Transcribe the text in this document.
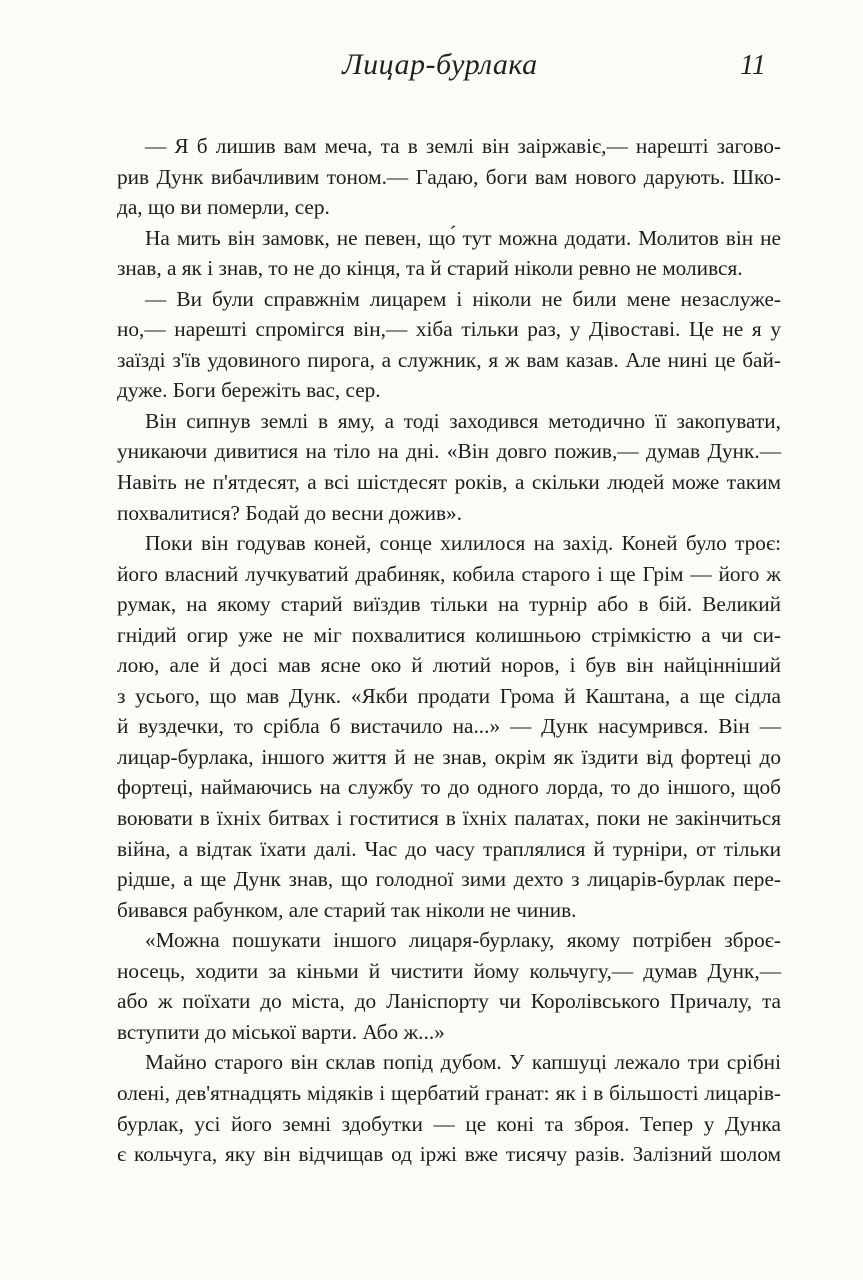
Лицар-бурлака	11
— Я б лишив вам меча, та в землі він заіржавіє,— нарешті загово-
рив Дунк вибачливим тоном.— Гадаю, боги вам нового дарують. Шко-
да, що ви померли, сер.
На мить він замовк, не певен, що́ тут можна додати. Молитов він не
знав, а як і знав, то не до кінця, та й старий ніколи ревно не молився.
— Ви були справжнім лицарем і ніколи не били мене незаслуже-
но,— нарешті спромігся він,— хіба тільки раз, у Дівоставі. Це не я у
заїзді з'їв удовиного пирога, а служник, я ж вам казав. Але нині це бай-
дуже. Боги бережіть вас, сер.
Він сипнув землі в яму, а тоді заходився методично її закопувати,
уникаючи дивитися на тіло на дні. «Він довго пожив,— думав Дунк.—
Навіть не п'ятдесят, а всі шістдесят років, а скільки людей може таким
похвалитися? Бодай до весни дожив».
Поки він годував коней, сонце хилилося на захід. Коней було троє:
його власний лучкуватий драбиняк, кобила старого і ще Грім — його ж
румак, на якому старий виїздив тільки на турнір або в бій. Великий
гнідий огир уже не міг похвалитися колишньою стрімкістю а чи си-
лою, але й досі мав ясне око й лютий норов, і був він найцінніший
з усього, що мав Дунк. «Якби продати Грома й Каштана, а ще сідла
й вуздечки, то срібла б вистачило на...» — Дунк насумрився. Він —
лицар-бурлака, іншого життя й не знав, окрім як їздити від фортеці до
фортеці, наймаючись на службу то до одного лорда, то до іншого, щоб
воювати в їхніх битвах і гоститися в їхніх палатах, поки не закінчиться
війна, а відтак їхати далі. Час до часу траплялися й турніри, от тільки
рідше, а ще Дунк знав, що голодної зими дехто з лицарів-бурлак пере-
бивався рабунком, але старий так ніколи не чинив.
«Можна пошукати іншого лицаря-бурлаку, якому потрібен зброє-
носець, ходити за кіньми й чистити йому кольчугу,— думав Дунк,—
або ж поїхати до міста, до Ланіспорту чи Королівського Причалу, та
вступити до міської варти. Або ж...»
Майно старого він склав попід дубом. У капшуці лежало три срібні
олені, дев'ятнадцять мідяків і щербатий гранат: як і в більшості лицарів-
бурлак, усі його земні здобутки — це коні та зброя. Тепер у Дунка
є кольчуга, яку він відчищав од іржі вже тисячу разів. Залізний шолом
